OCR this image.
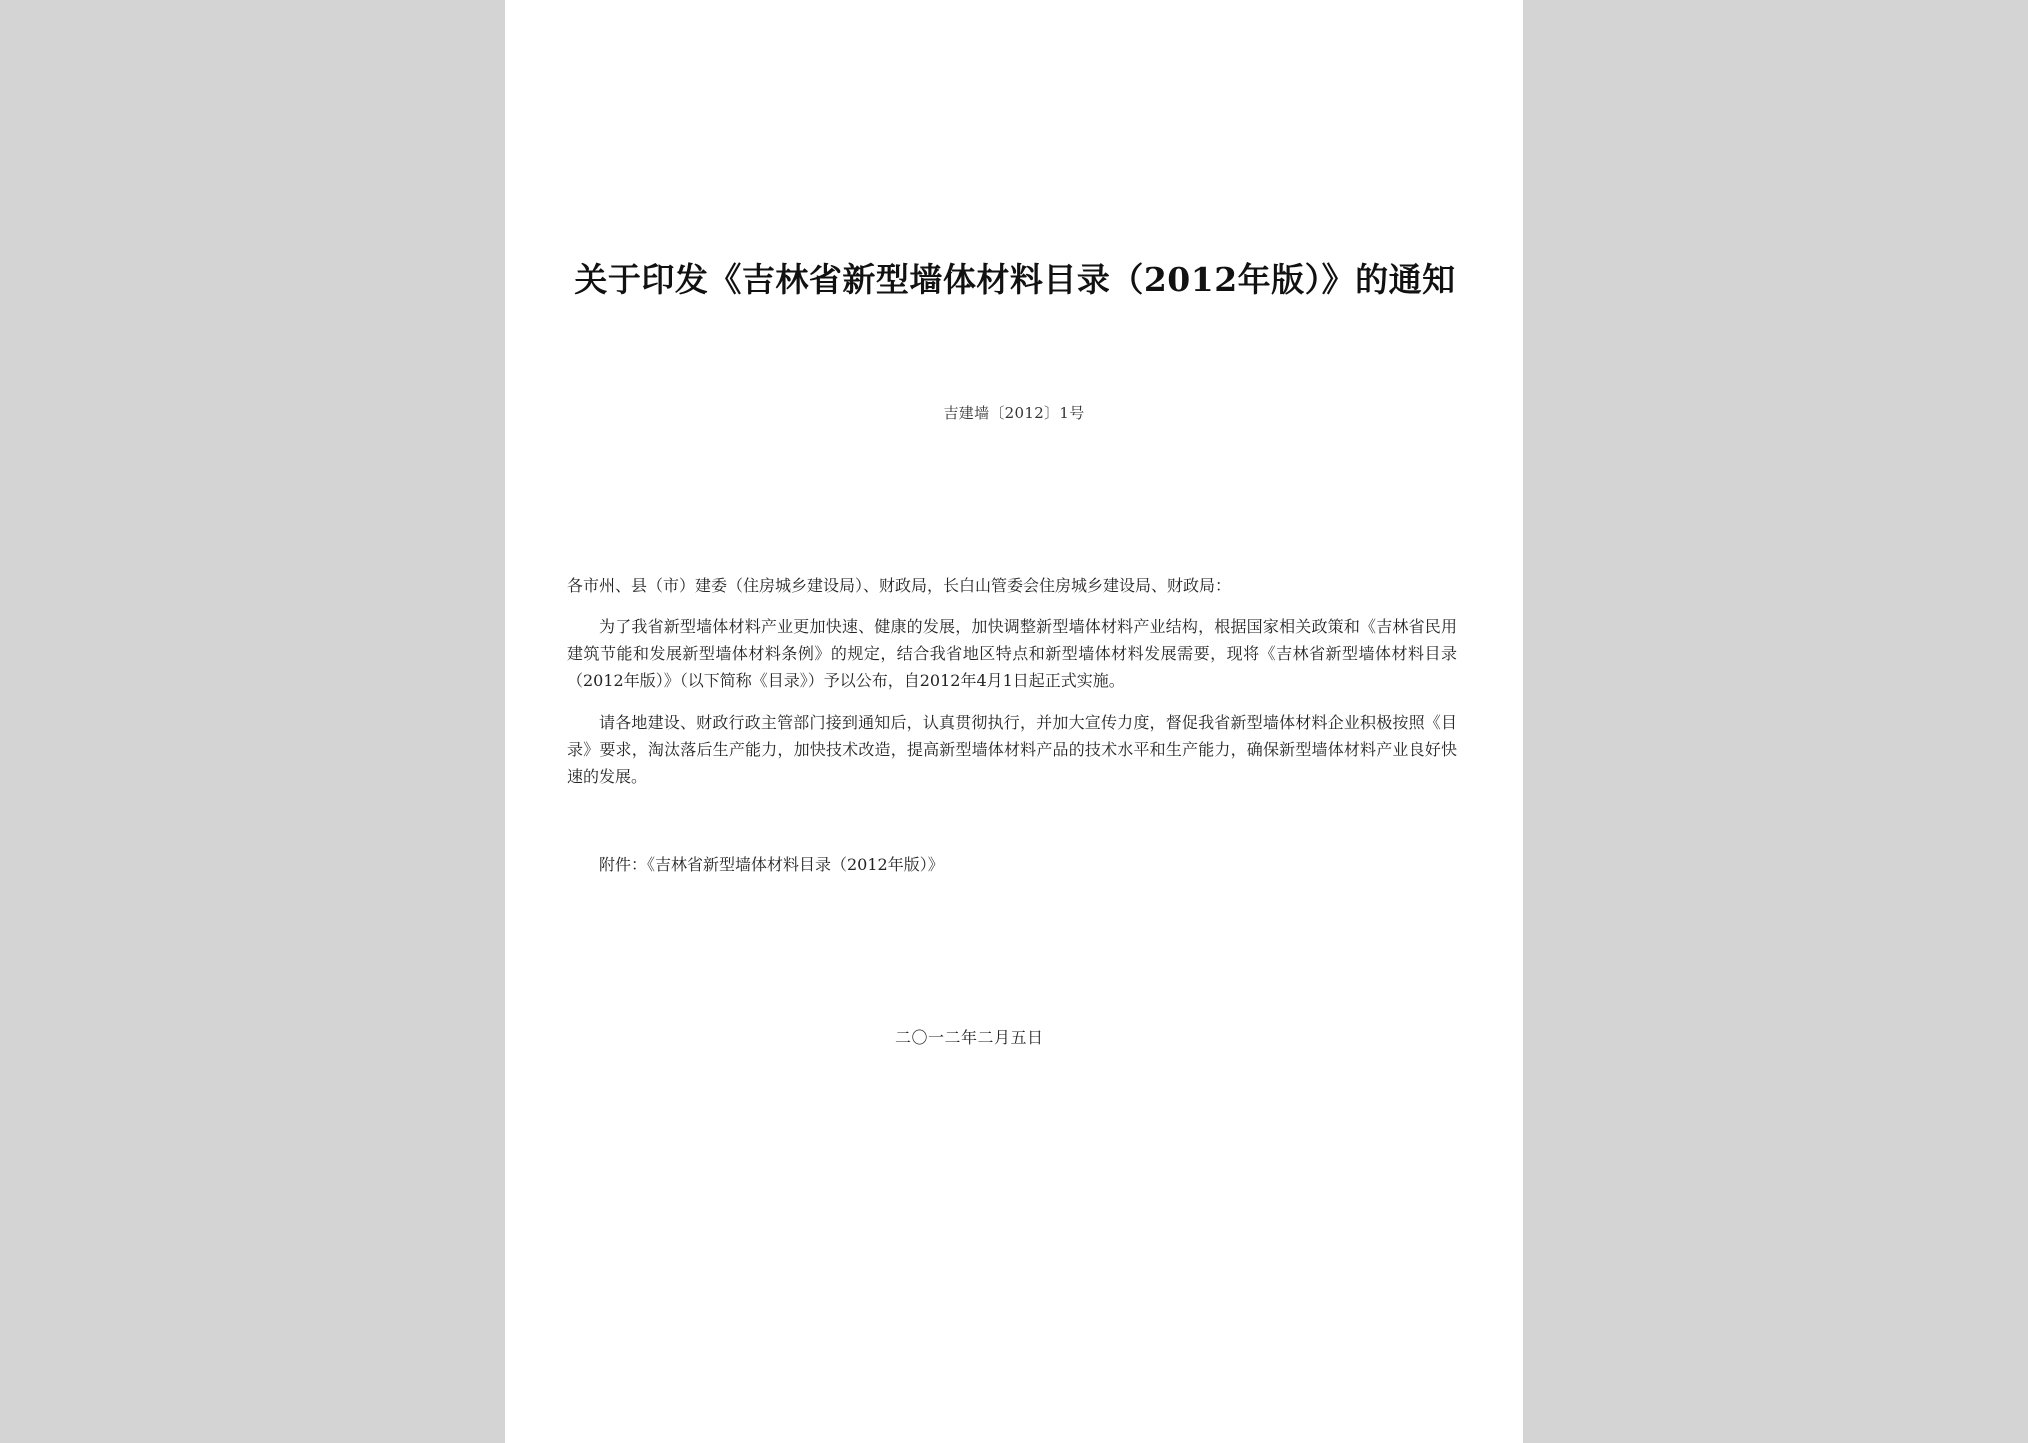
关于印发《吉林省新型墙体材料目录（2012年版）》的通知
吉建墙〔2012〕1号
各市州、县（市）建委（住房城乡建设局）、财政局，长白山管委会住房城乡建设局、财政局：
为了我省新型墙体材料产业更加快速、健康的发展，加快调整新型墙体材料产业结构，根据国家相关政策和《吉林省民用建筑节能和发展新型墙体材料条例》的规定，结合我省地区特点和新型墙体材料发展需要，现将《吉林省新型墙体材料目录（2012年版）》（以下简称《目录》）予以公布，自2012年4月1日起正式实施。
请各地建设、财政行政主管部门接到通知后，认真贯彻执行，并加大宣传力度，督促我省新型墙体材料企业积极按照《目录》要求，淘汰落后生产能力，加快技术改造，提高新型墙体材料产品的技术水平和生产能力，确保新型墙体材料产业良好快速的发展。
附件：《吉林省新型墙体材料目录（2012年版）》
二〇一二年二月五日
